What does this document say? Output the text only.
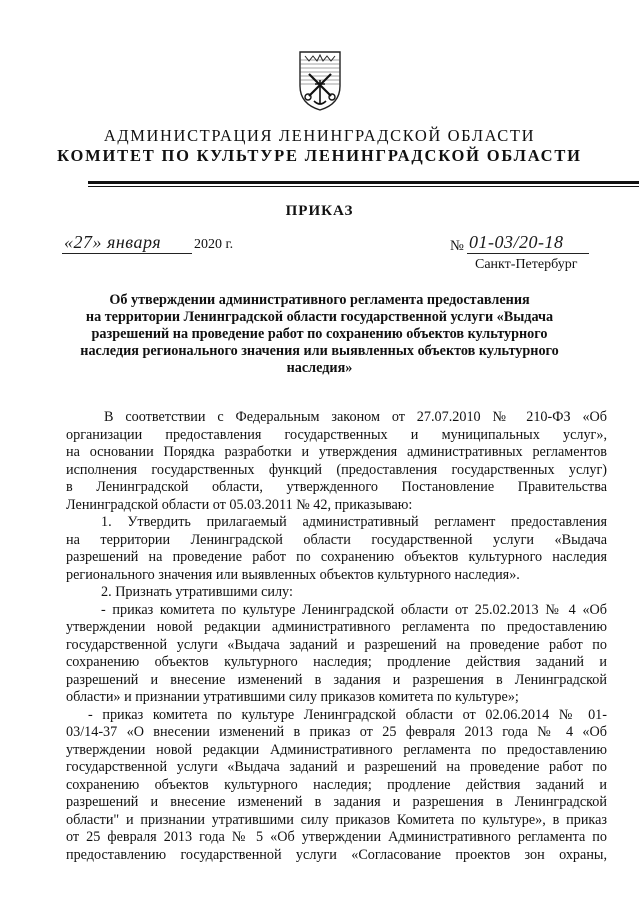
АДМИНИСТРАЦИЯ ЛЕНИНГРАДСКОЙ ОБЛАСТИ
КОМИТЕТ ПО КУЛЬТУРЕ ЛЕНИНГРАДСКОЙ ОБЛАСТИ
ПРИКАЗ
«27» января 2020 г.	№ 01-03/20-18
Санкт-Петербург
Об утверждении административного регламента предоставления
на территории Ленинградской области государственной услуги «Выдача
разрешений на проведение работ по сохранению объектов культурного
наследия регионального значения или выявленных объектов культурного
наследия»
В соответствии с Федеральным законом от 27.07.2010 № 210-ФЗ «Об
организации предоставления государственных и муниципальных услуг»,
на основании Порядка разработки и утверждения административных регламентов
исполнения государственных функций (предоставления государственных услуг)
в Ленинградской области, утвержденного Постановление Правительства
Ленинградской области от 05.03.2011 № 42, приказываю:
1. Утвердить прилагаемый административный регламент предоставления
на территории Ленинградской области государственной услуги «Выдача
разрешений на проведение работ по сохранению объектов культурного наследия
регионального значения или выявленных объектов культурного наследия».
2. Признать утратившими силу:
- приказ комитета по культуре Ленинградской области от 25.02.2013 № 4 «Об
утверждении новой редакции административного регламента по предоставлению
государственной услуги «Выдача заданий и разрешений на проведение работ по
сохранению объектов культурного наследия; продление действия заданий и
разрешений и внесение изменений в задания и разрешения в Ленинградской
области» и признании утратившими силу приказов комитета по культуре»;
- приказ комитета по культуре Ленинградской области от 02.06.2014 № 01-
03/14-37 «О внесении изменений в приказ от 25 февраля 2013 года № 4 «Об
утверждении новой редакции Административного регламента по предоставлению
государственной услуги «Выдача заданий и разрешений на проведение работ по
сохранению объектов культурного наследия; продление действия заданий и
разрешений и внесение изменений в задания и разрешения в Ленинградской
области" и признании утратившими силу приказов Комитета по культуре», в приказ
от 25 февраля 2013 года № 5 «Об утверждении Административного регламента по
предоставлению государственной услуги «Согласование проектов зон охраны,
